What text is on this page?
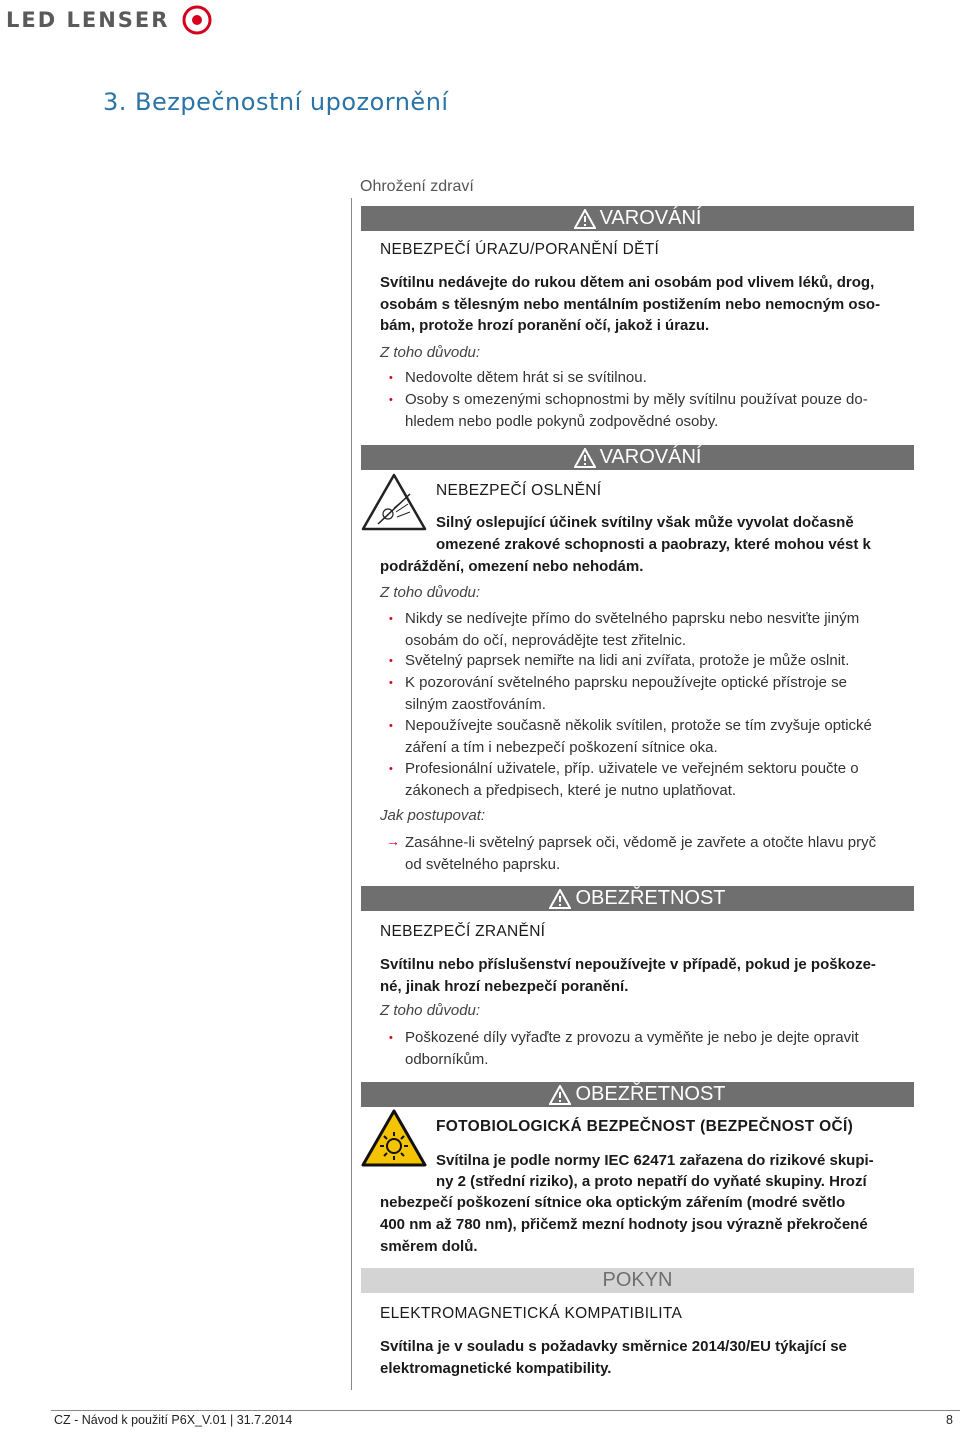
LED LENSER
3. Bezpečnostní upozornění
Ohrožení zdraví
VAROVÁNÍ
NEBEZPEČÍ ÚRAZU/PORANĚNÍ DĚTÍ
Svítilnu nedávejte do rukou dětem ani osobám pod vlivem léků, drog,
osobám s tělesným nebo mentálním postižením nebo nemocným oso-
bám, protože hrozí poranění očí, jakož i úrazu.
Z toho důvodu:
• Nedovolte dětem hrát si se svítilnou.
• Osoby s omezenými schopnostmi by měly svítilnu používat pouze do-
hledem nebo podle pokynů zodpovědné osoby.
VAROVÁNÍ
NEBEZPEČÍ OSLNĚNÍ
Silný oslepující účinek svítilny však může vyvolat dočasně
omezené zrakové schopnosti a paobrazy, které mohou vést k
podráždění, omezení nebo nehodám.
Z toho důvodu:
• Nikdy se nedívejte přímo do světelného paprsku nebo nesviťte jiným
osobám do očí, neprovádějte test zřitelnic.
• Světelný paprsek nemiřte na lidi ani zvířata, protože je může oslnit.
• K pozorování světelného paprsku nepoužívejte optické přístroje se
silným zaostřováním.
• Nepoužívejte současně několik svítilen, protože se tím zvyšuje optické
záření a tím i nebezpečí poškození sítnice oka.
• Profesionální uživatele, příp. uživatele ve veřejném sektoru poučte o
zákonech a předpisech, které je nutno uplatňovat.
Jak postupovat:
→ Zasáhne-li světelný paprsek oči, vědomě je zavřete a otočte hlavu pryč
od světelného paprsku.
OBEZŘETNOST
NEBEZPEČÍ ZRANĚNÍ
Svítilnu nebo příslušenství nepoužívejte v případě, pokud je poškoze-
né, jinak hrozí nebezpečí poranění.
Z toho důvodu:
• Poškozené díly vyřaďte z provozu a vyměňte je nebo je dejte opravit
odborníkům.
OBEZŘETNOST
FOTOBIOLOGICKÁ BEZPEČNOST (BEZPEČNOST OČÍ)
Svítilna je podle normy IEC 62471 zařazena do rizikové skupi-
ny 2 (střední riziko), a proto nepatří do vyňaté skupiny. Hrozí
nebezpečí poškození sítnice oka optickým zářením (modré světlo
400 nm až 780 nm), přičemž mezní hodnoty jsou výrazně překročené
směrem dolů.
POKYN
ELEKTROMAGNETICKÁ KOMPATIBILITA
Svítilna je v souladu s požadavky směrnice 2014/30/EU týkající se
elektromagnetické kompatibility.
CZ - Návod k použití P6X_V.01 | 31.7.2014	8
